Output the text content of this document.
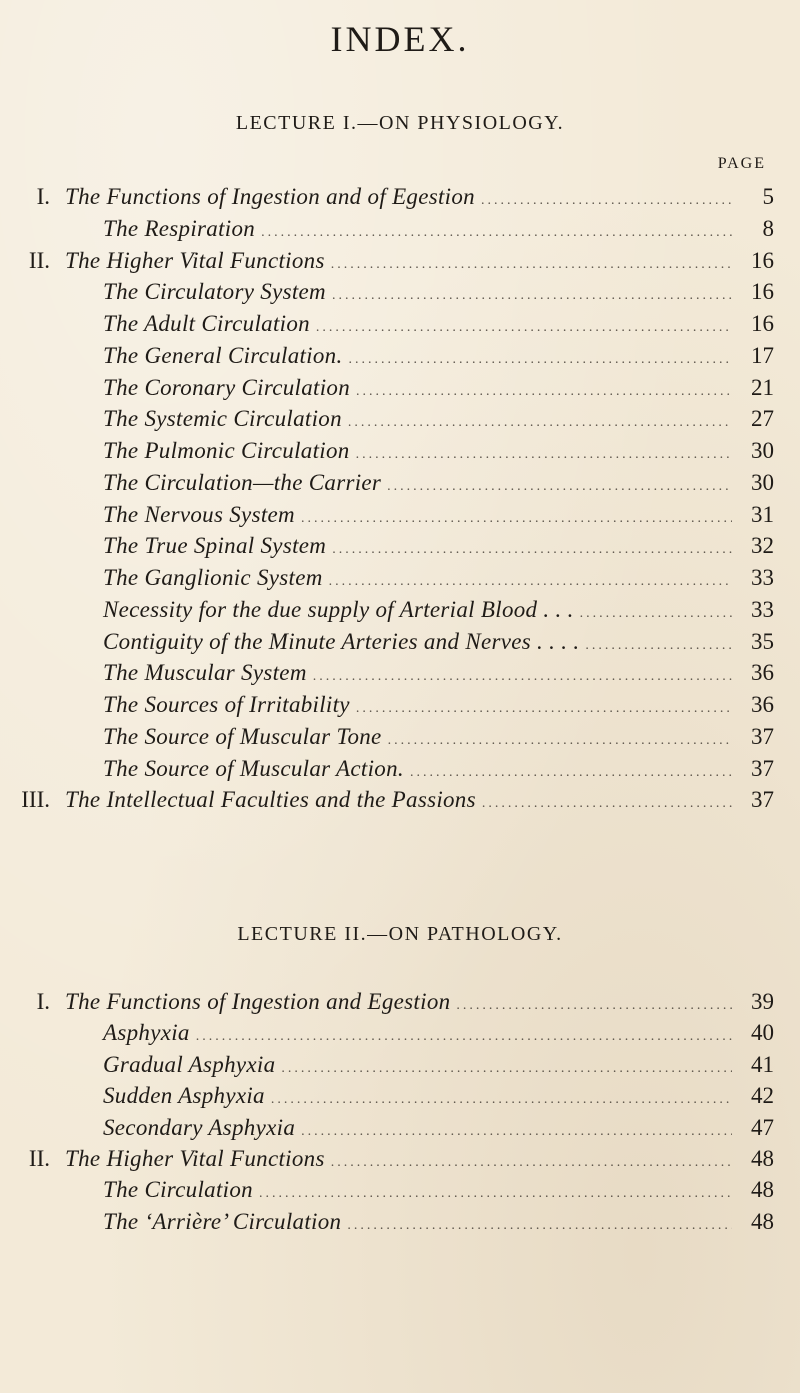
INDEX.
LECTURE I.—ON PHYSIOLOGY.
PAGE
I. The Functions of Ingestion and of Egestion .....	5
The Respiration .....	8
II. The Higher Vital Functions .....	16
The Circulatory System .....	16
The Adult Circulation .....	16
The General Circulation. .....	17
The Coronary Circulation .....	21
The Systemic Circulation .....	27
The Pulmonic Circulation .....	30
The Circulation—the Carrier .....	30
The Nervous System .....	31
The True Spinal System .....	32
The Ganglionic System .....	33
Necessity for the due supply of Arterial Blood . . . .....	33
Contiguity of the Minute Arteries and Nerves . . . . .....	35
The Muscular System .....	36
The Sources of Irritability .....	36
The Source of Muscular Tone .....	37
The Source of Muscular Action. .....	37
III. The Intellectual Faculties and the Passions .....	37
LECTURE II.—ON PATHOLOGY.
I. The Functions of Ingestion and Egestion .....	39
Asphyxia .....	40
Gradual Asphyxia .....	41
Sudden Asphyxia .....	42
Secondary Asphyxia .....	47
II. The Higher Vital Functions .....	48
The Circulation .....	48
The ‘Arrière’ Circulation .....	48
